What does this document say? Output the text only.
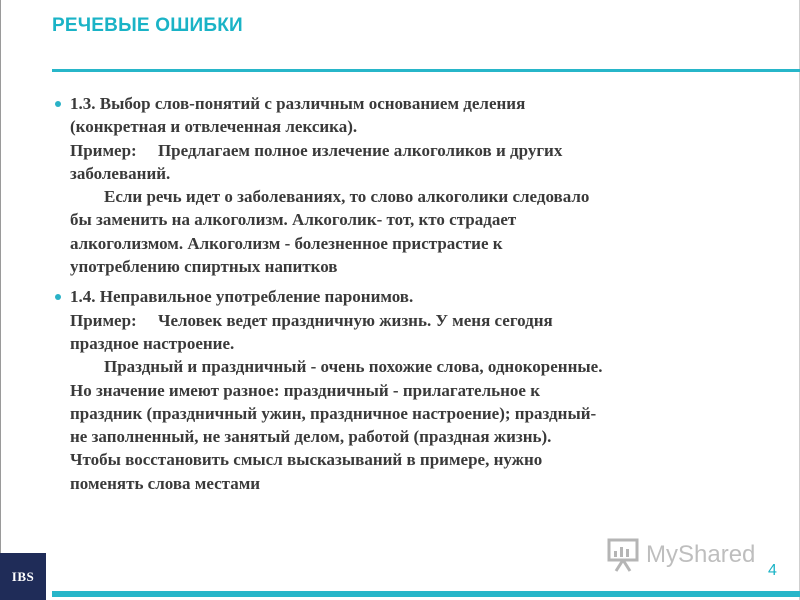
РЕЧЕВЫЕ ОШИБКИ
1.3. Выбор слов-понятий с различным основанием деления
(конкретная и отвлеченная лексика).
Пример:     Предлагаем полное излечение алкоголиков и других
заболеваний.
Если речь идет о заболеваниях, то слово алкоголики следовало
бы заменить на алкоголизм. Алкоголик- тот, кто страдает
алкоголизмом. Алкоголизм - болезненное пристрастие к
употреблению спиртных напитков
1.4. Неправильное употребление паронимов.
Пример:     Человек ведет праздничную жизнь. У меня сегодня
праздное настроение.
Праздный и праздничный - очень похожие слова, однокоренные.
Но значение имеют разное: праздничный - прилагательное к
праздник (праздничный ужин, праздничное настроение); праздный-
не заполненный, не занятый делом, работой (праздная жизнь).
Чтобы восстановить смысл высказываний в примере, нужно
поменять слова местами
MyShared
4
IBS
